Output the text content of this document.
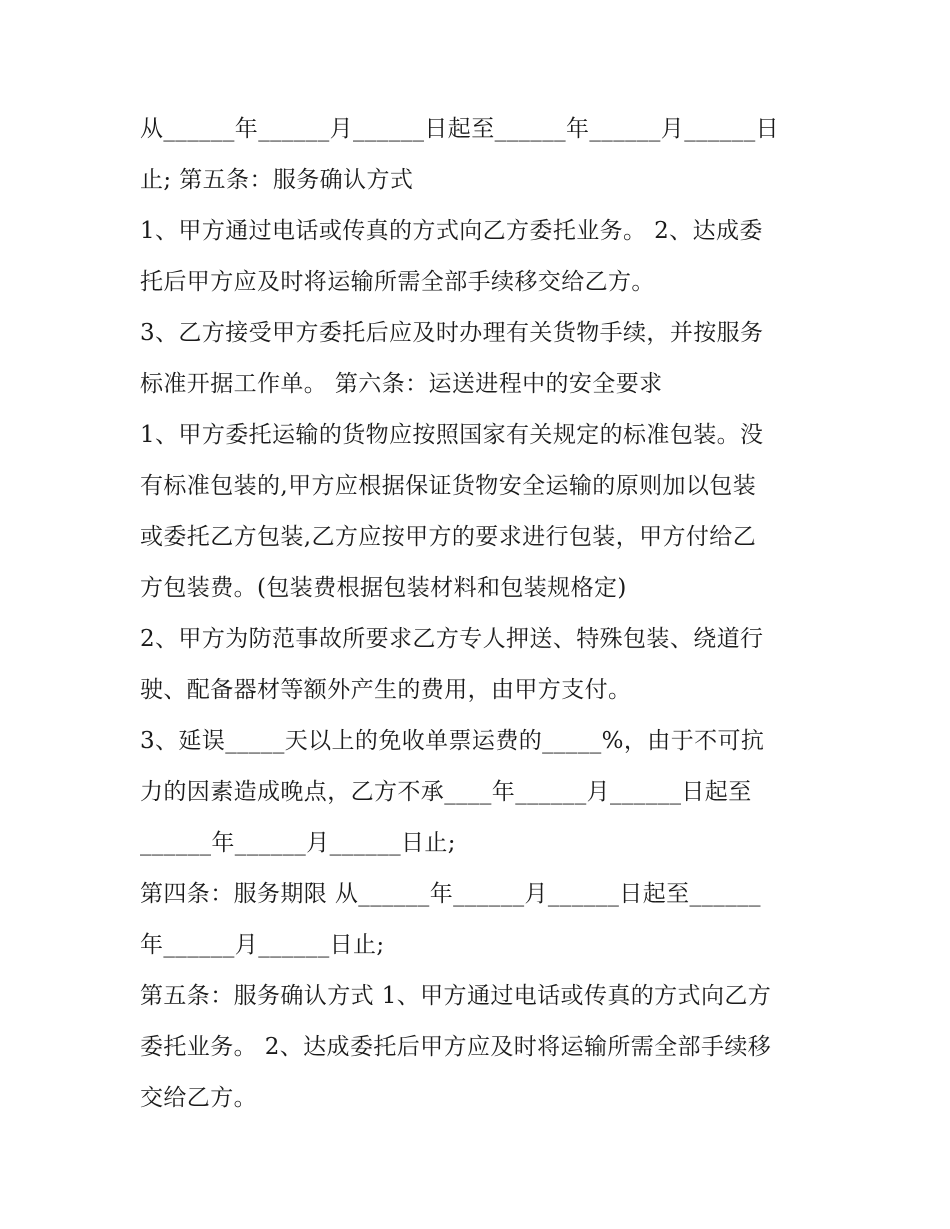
从______年______月______日起至______年______月______日
止; 第五条：服务确认方式
1、甲方通过电话或传真的方式向乙方委托业务。 2、达成委
托后甲方应及时将运输所需全部手续移交给乙方。
3、乙方接受甲方委托后应及时办理有关货物手续，并按服务
标准开据工作单。 第六条：运送进程中的安全要求
1、甲方委托运输的货物应按照国家有关规定的标准包装。没
有标准包装的,甲方应根据保证货物安全运输的原则加以包装
或委托乙方包装,乙方应按甲方的要求进行包装，甲方付给乙
方包装费。(包装费根据包装材料和包装规格定)
2、甲方为防范事故所要求乙方专人押送、特殊包装、绕道行
驶、配备器材等额外产生的费用，由甲方支付。
3、延误_____天以上的免收单票运费的_____%，由于不可抗
力的因素造成晚点，乙方不承____年______月______日起至
______年______月______日止;
第四条：服务期限 从______年______月______日起至______
年______月______日止;
第五条：服务确认方式 1、甲方通过电话或传真的方式向乙方
委托业务。 2、达成委托后甲方应及时将运输所需全部手续移
交给乙方。
